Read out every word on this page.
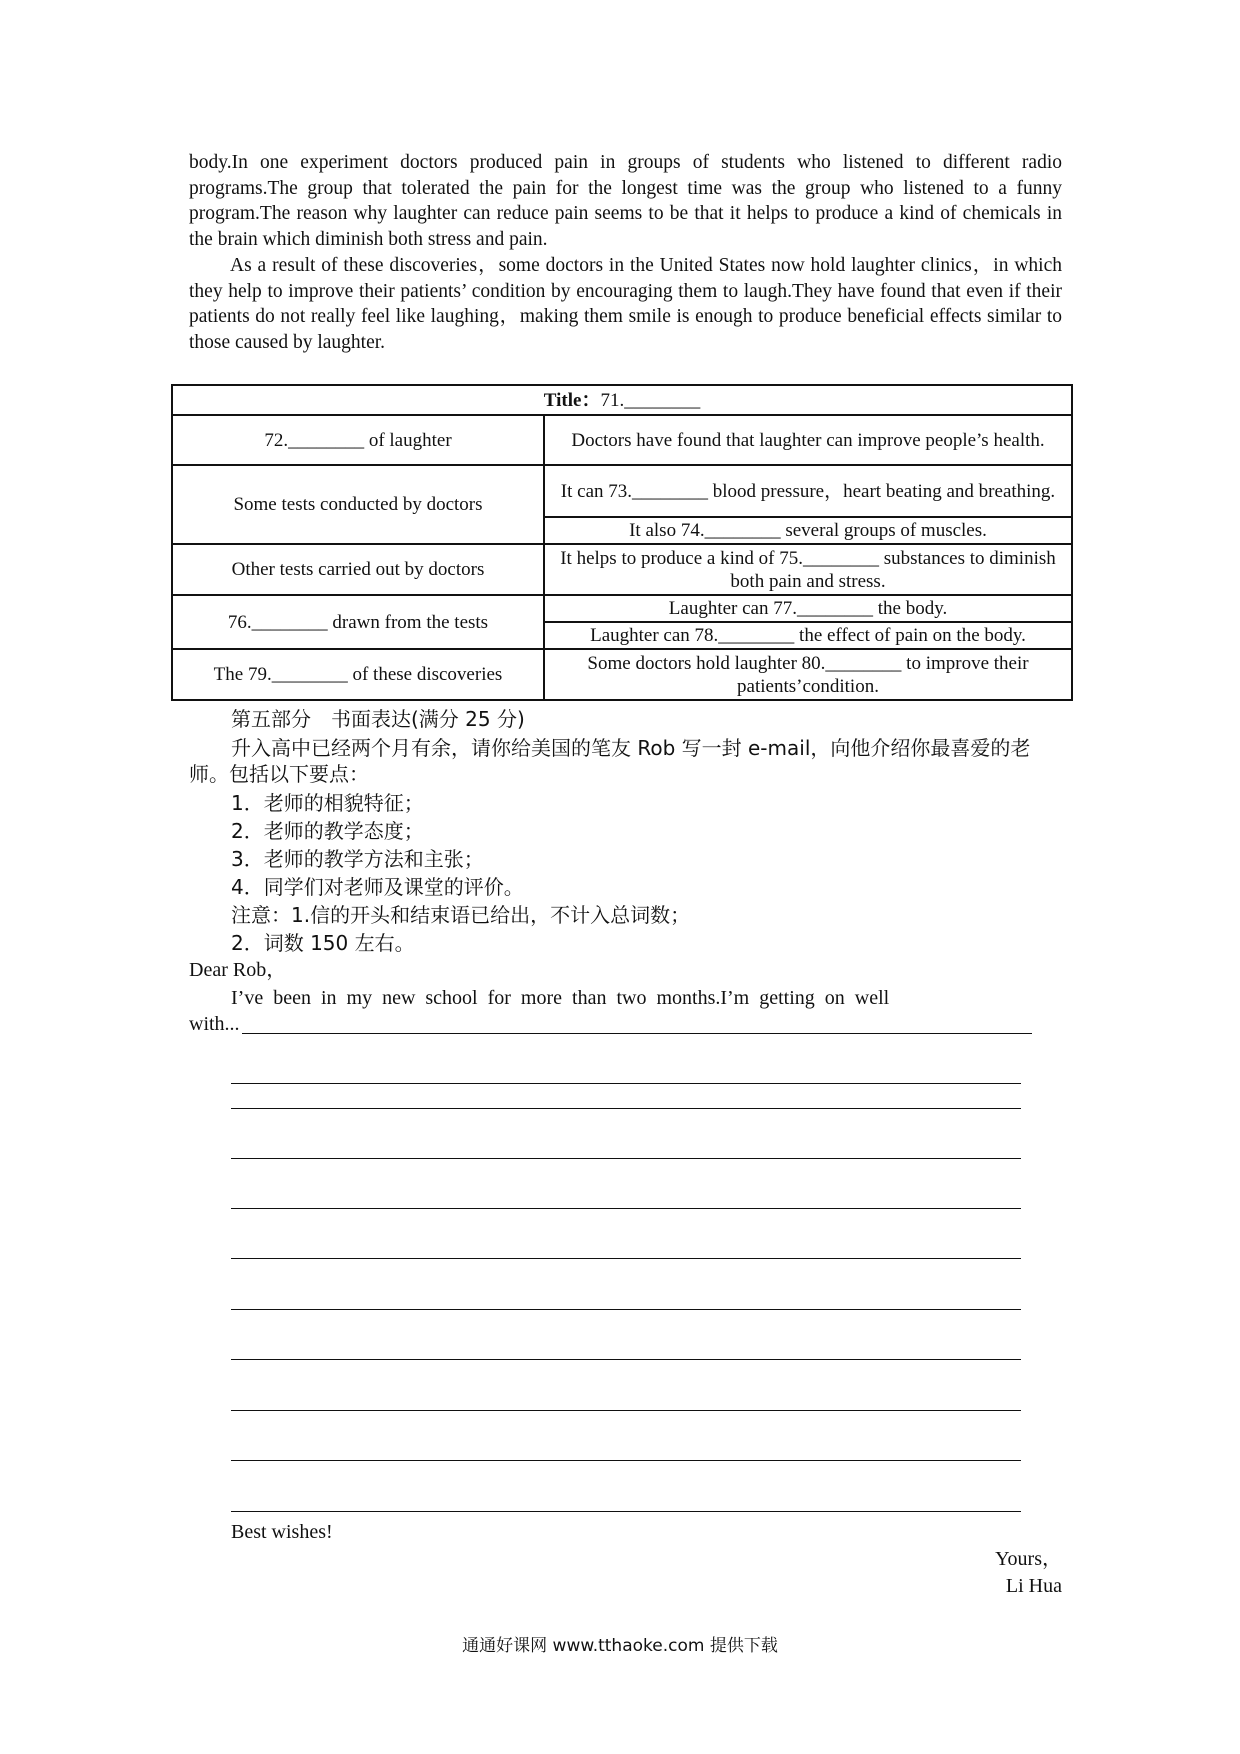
body.In one experiment doctors produced pain in groups of students who listened to different radio programs.The group that tolerated the pain for the longest time was the group who listened to a funny program.The reason why laughter can reduce pain seems to be that it helps to produce a kind of chemicals in the brain which diminish both stress and pain.

As a result of these discoveries，some doctors in the United States now hold laughter clinics，in which they help to improve their patients’ condition by encouraging them to laugh.They have found that even if their patients do not really feel like laughing，making them smile is enough to produce beneficial effects similar to those caused by laughter.

Title：71.________	
72.________ of laughter	Doctors have found that laughter can improve people’s health.
Some tests conducted by doctors	It can 73.________ blood pressure，heart beating and breathing.
	It also 74.________ several groups of muscles.
Other tests carried out by doctors	It helps to produce a kind of 75.________ substances to diminish both pain and stress.
76.________ drawn from the tests	Laughter can 77.________ the body.
	Laughter can 78.________ the effect of pain on the body.
The 79.________ of these discoveries	Some doctors hold laughter 80.________ to improve their patients’condition.

第五部分　书面表达(满分 25 分)

升入高中已经两个月有余，请你给美国的笔友 Rob 写一封 e-mail，向他介绍你最喜爱的老师。包括以下要点：

1．老师的相貌特征；

2．老师的教学态度；

3．老师的教学方法和主张；

4．同学们对老师及课堂的评价。

注意：1.信的开头和结束语已给出，不计入总词数；

2．词数 150 左右。

Dear Rob，

I’ve  been  in  my  new  school  for  more  than  two  months.I’m  getting  on  well

with...

Best wishes!

Yours，

Li Hua

通通好课网 www.tthaoke.com 提供下载
